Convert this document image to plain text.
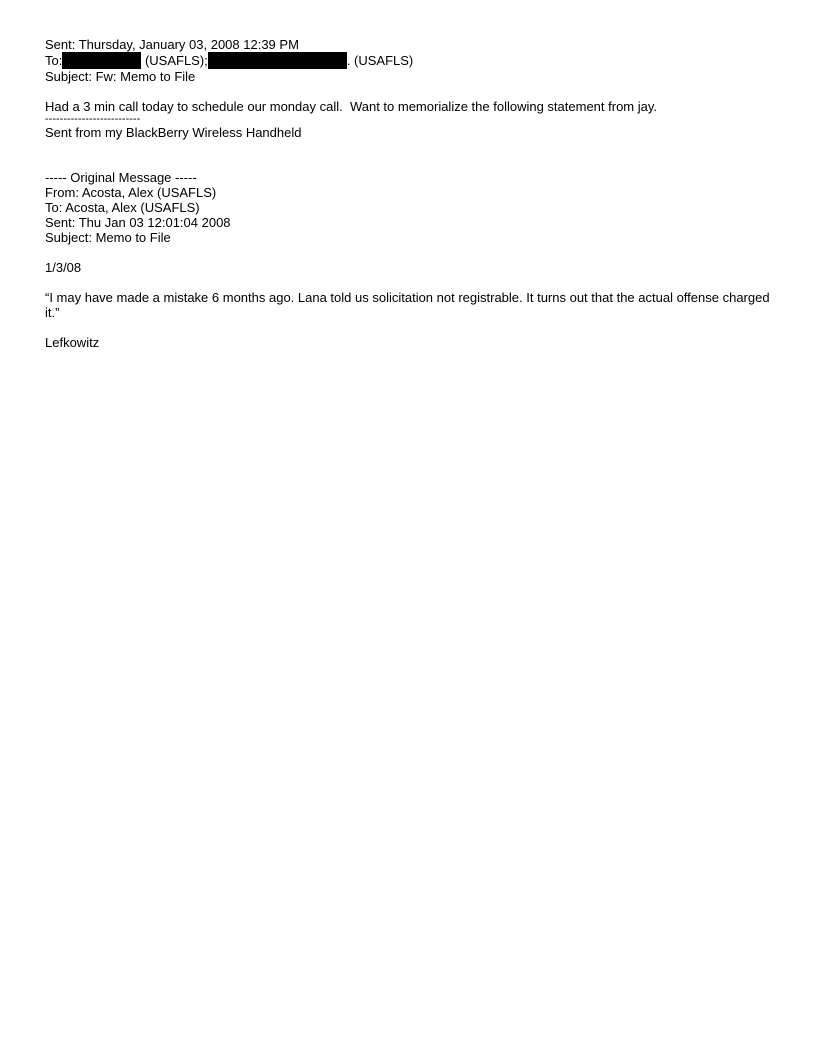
Sent: Thursday, January 03, 2008 12:39 PM
To:	(USAFLS);	. (USAFLS)
Subject: Fw: Memo to File
Had a 3 min call today to schedule our monday call.  Want to memorialize the following statement from jay.
--------------------------
Sent from my BlackBerry Wireless Handheld
----- Original Message -----
From: Acosta, Alex (USAFLS)
To: Acosta, Alex (USAFLS)
Sent: Thu Jan 03 12:01:04 2008
Subject: Memo to File
1/3/08
“I may have made a mistake 6 months ago. Lana told us solicitation not registrable. It turns out that the actual offense charged it.”
Lefkowitz
